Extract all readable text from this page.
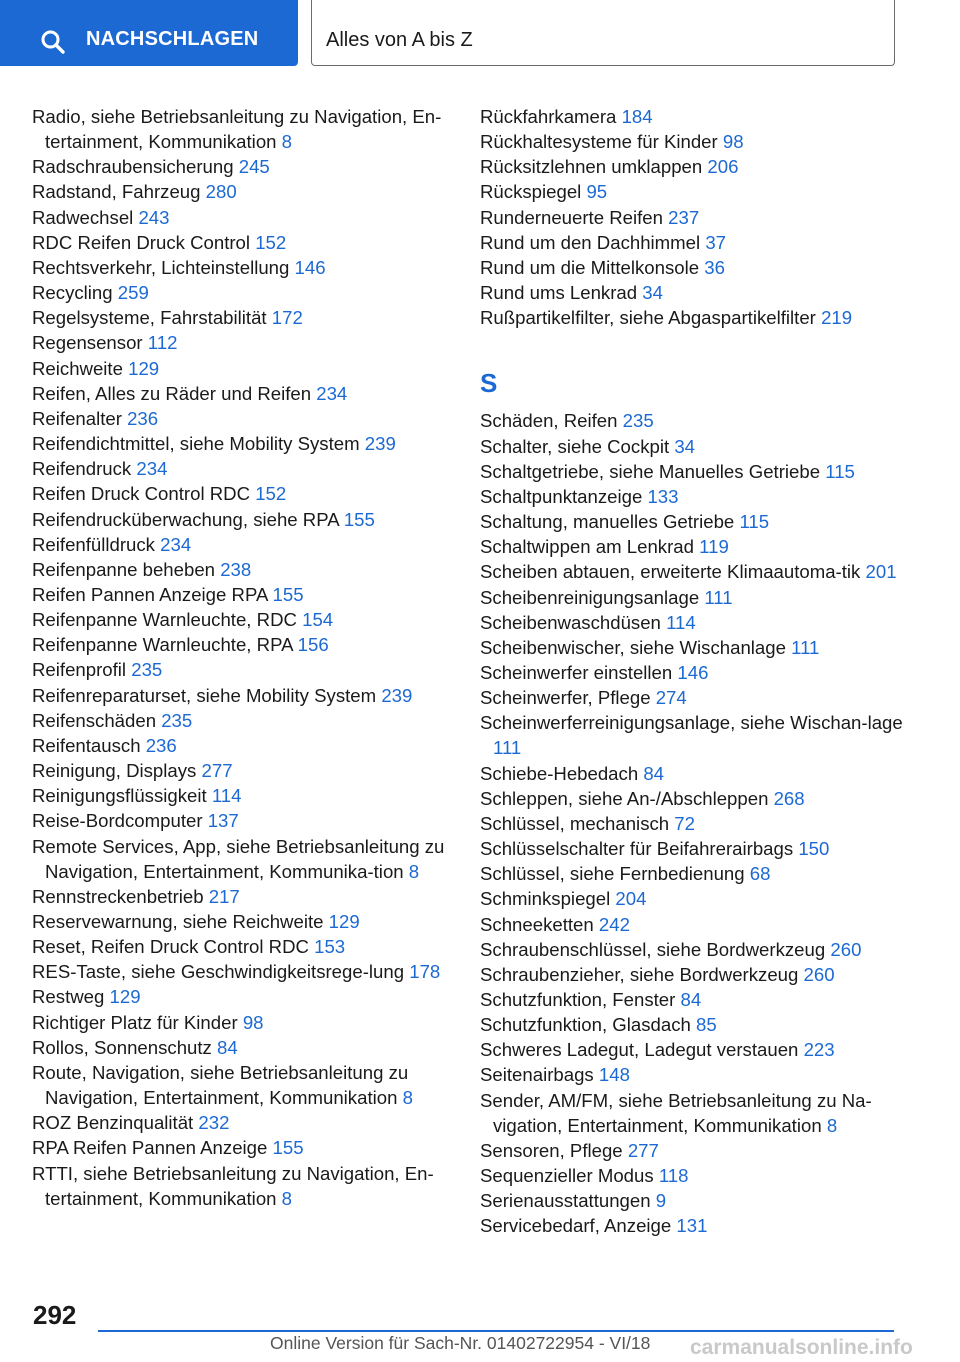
NACHSCHLAGEN	Alles von A bis Z
Radio, siehe Betriebsanleitung zu Navigation, En-tertainment, Kommunikation 8
Radschraubensicherung 245
Radstand, Fahrzeug 280
Radwechsel 243
RDC Reifen Druck Control 152
Rechtsverkehr, Lichteinstellung 146
Recycling 259
Regelsysteme, Fahrstabilität 172
Regensensor 112
Reichweite 129
Reifen, Alles zu Räder und Reifen 234
Reifenalter 236
Reifendichtmittel, siehe Mobility System 239
Reifendruck 234
Reifen Druck Control RDC 152
Reifendrucküberwachung, siehe RPA 155
Reifenfülldruck 234
Reifenpanne beheben 238
Reifen Pannen Anzeige RPA 155
Reifenpanne Warnleuchte, RDC 154
Reifenpanne Warnleuchte, RPA 156
Reifenprofil 235
Reifenreparaturset, siehe Mobility System 239
Reifenschäden 235
Reifentausch 236
Reinigung, Displays 277
Reinigungsflüssigkeit 114
Reise-Bordcomputer 137
Remote Services, App, siehe Betriebsanleitung zu Navigation, Entertainment, Kommunika-tion 8
Rennstreckenbetrieb 217
Reservewarnung, siehe Reichweite 129
Reset, Reifen Druck Control RDC 153
RES-Taste, siehe Geschwindigkeitsrege-lung 178
Restweg 129
Richtiger Platz für Kinder 98
Rollos, Sonnenschutz 84
Route, Navigation, siehe Betriebsanleitung zu Navigation, Entertainment, Kommunikation 8
ROZ Benzinqualität 232
RPA Reifen Pannen Anzeige 155
RTTI, siehe Betriebsanleitung zu Navigation, En-tertainment, Kommunikation 8
Rückfahrkamera 184
Rückhaltesysteme für Kinder 98
Rücksitzlehnen umklappen 206
Rückspiegel 95
Runderneuerte Reifen 237
Rund um den Dachhimmel 37
Rund um die Mittelkonsole 36
Rund ums Lenkrad 34
Rußpartikelfilter, siehe Abgaspartikelfilter 219
S
Schäden, Reifen 235
Schalter, siehe Cockpit 34
Schaltgetriebe, siehe Manuelles Getriebe 115
Schaltpunktanzeige 133
Schaltung, manuelles Getriebe 115
Schaltwippen am Lenkrad 119
Scheiben abtauen, erweiterte Klimaautoma-tik 201
Scheibenreinigungsanlage 111
Scheibenwaschdüsen 114
Scheibenwischer, siehe Wischanlage 111
Scheinwerfer einstellen 146
Scheinwerfer, Pflege 274
Scheinwerferreinigungsanlage, siehe Wischan-lage 111
Schiebe-Hebedach 84
Schleppen, siehe An-/Abschleppen 268
Schlüssel, mechanisch 72
Schlüsselschalter für Beifahrerairbags 150
Schlüssel, siehe Fernbedienung 68
Schminkspiegel 204
Schneeketten 242
Schraubenschlüssel, siehe Bordwerkzeug 260
Schraubenzieher, siehe Bordwerkzeug 260
Schutzfunktion, Fenster 84
Schutzfunktion, Glasdach 85
Schweres Ladegut, Ladegut verstauen 223
Seitenairbags 148
Sender, AM/FM, siehe Betriebsanleitung zu Na-vigation, Entertainment, Kommunikation 8
Sensoren, Pflege 277
Sequenzieller Modus 118
Serienausstattungen 9
Servicebedarf, Anzeige 131
292
Online Version für Sach-Nr. 01402722954 - VI/18 carmanualsonline.info
